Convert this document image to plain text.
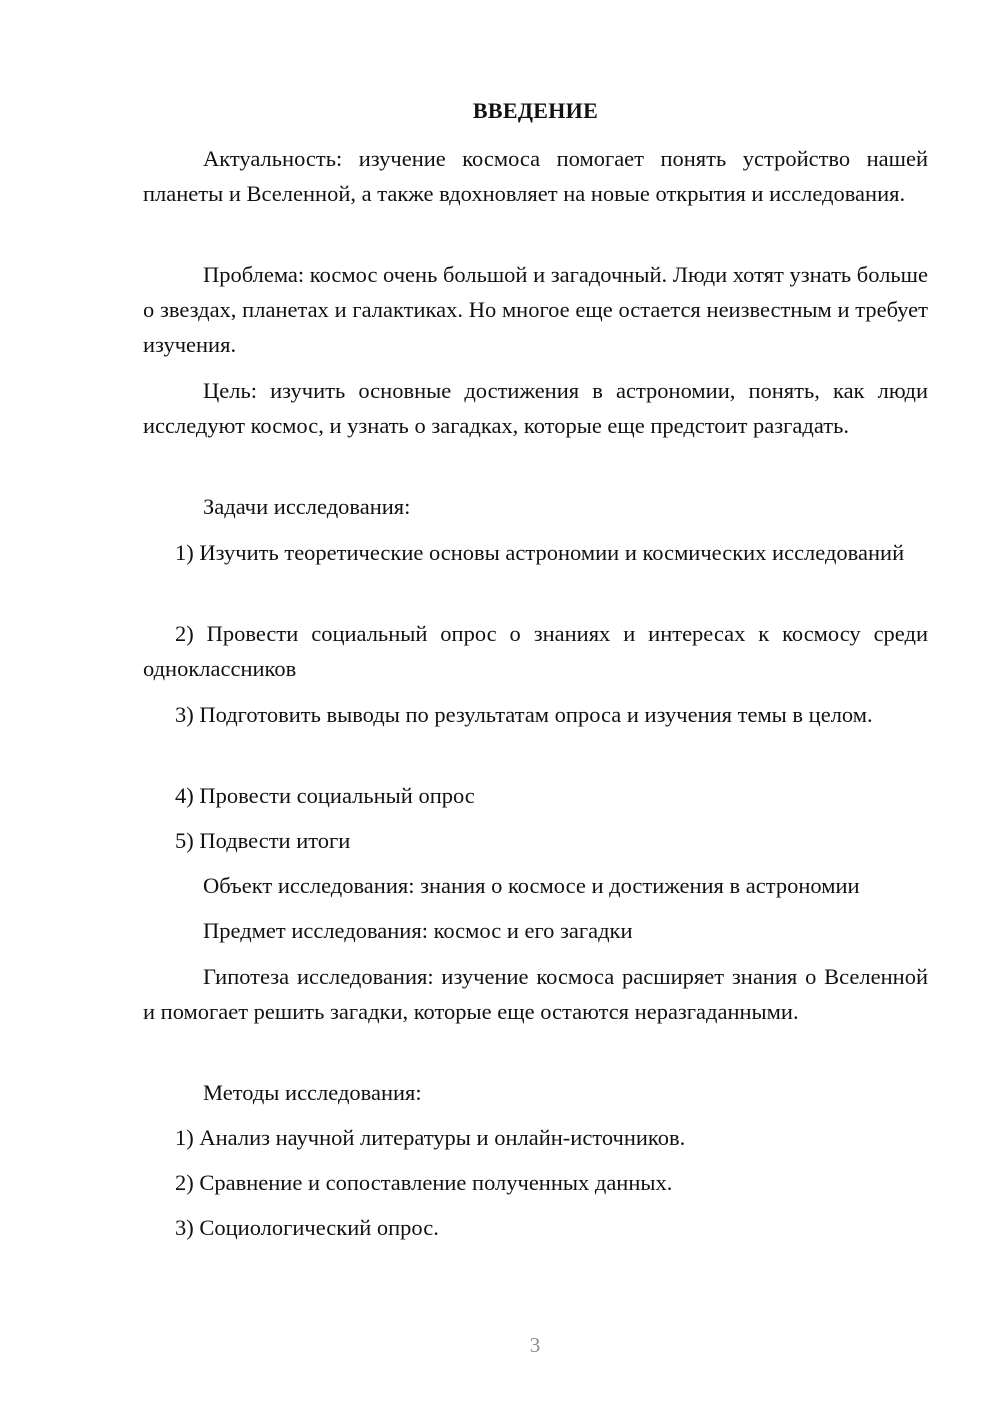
ВВЕДЕНИЕ

Актуальность: изучение космоса помогает понять устройство нашей планеты и Вселенной, а также вдохновляет на новые открытия и исследования.

Проблема: космос очень большой и загадочный. Люди хотят узнать больше о звездах, планетах и галактиках. Но многое еще остается неизвестным и требует изучения.

Цель: изучить основные достижения в астрономии, понять, как люди исследуют космос, и узнать о загадках, которые еще предстоит разгадать.

Задачи исследования:

1) Изучить теоретические основы астрономии и космических исследований

2) Провести социальный опрос о знаниях и интересах к космосу среди одноклассников

3) Подготовить выводы по результатам опроса и изучения темы в целом.

4) Провести социальный опрос

5) Подвести итоги

Объект исследования: знания о космосе и достижения в астрономии

Предмет исследования: космос и его загадки

Гипотеза исследования: изучение космоса расширяет знания о Вселенной и помогает решить загадки, которые еще остаются неразгаданными.

Методы исследования:

1) Анализ научной литературы и онлайн-источников.

2) Сравнение и сопоставление полученных данных.

3) Социологический опрос.

3
